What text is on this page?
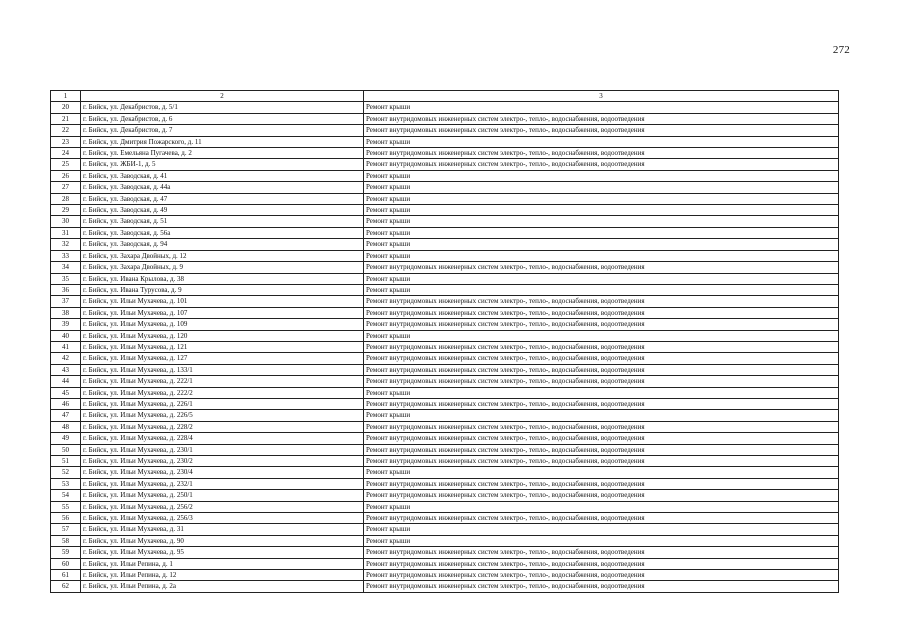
272
1	2	3
20	г. Бийск, ул. Декабристов, д. 5/1	Ремонт крыши
21	г. Бийск, ул. Декабристов, д. 6	Ремонт внутридомовых инженерных систем электро-, тепло-, водоснабжения, водоотведения
22	г. Бийск, ул. Декабристов, д. 7	Ремонт внутридомовых инженерных систем электро-, тепло-, водоснабжения, водоотведения
23	г. Бийск, ул. Дмитрия Пожарского, д. 11	Ремонт крыши
24	г. Бийск, ул. Емельяна Пугачева, д. 2	Ремонт внутридомовых инженерных систем электро-, тепло-, водоснабжения, водоотведения
25	г. Бийск, ул. ЖБИ-1, д. 5	Ремонт внутридомовых инженерных систем электро-, тепло-, водоснабжения, водоотведения
26	г. Бийск, ул. Заводская, д. 41	Ремонт крыши
27	г. Бийск, ул. Заводская, д. 44а	Ремонт крыши
28	г. Бийск, ул. Заводская, д. 47	Ремонт крыши
29	г. Бийск, ул. Заводская, д. 49	Ремонт крыши
30	г. Бийск, ул. Заводская, д. 51	Ремонт крыши
31	г. Бийск, ул. Заводская, д. 56а	Ремонт крыши
32	г. Бийск, ул. Заводская, д. 94	Ремонт крыши
33	г. Бийск, ул. Захара Двойных, д. 12	Ремонт крыши
34	г. Бийск, ул. Захара Двойных, д. 9	Ремонт внутридомовых инженерных систем электро-, тепло-, водоснабжения, водоотведения
35	г. Бийск, ул. Ивана Крылова, д. 38	Ремонт крыши
36	г. Бийск, ул. Ивана Турусова, д. 9	Ремонт крыши
37	г. Бийск, ул. Ильи Мухачева, д. 101	Ремонт внутридомовых инженерных систем электро-, тепло-, водоснабжения, водоотведения
38	г. Бийск, ул. Ильи Мухачева, д. 107	Ремонт внутридомовых инженерных систем электро-, тепло-, водоснабжения, водоотведения
39	г. Бийск, ул. Ильи Мухачева, д. 109	Ремонт внутридомовых инженерных систем электро-, тепло-, водоснабжения, водоотведения
40	г. Бийск, ул. Ильи Мухачева, д. 120	Ремонт крыши
41	г. Бийск, ул. Ильи Мухачева, д. 121	Ремонт внутридомовых инженерных систем электро-, тепло-, водоснабжения, водоотведения
42	г. Бийск, ул. Ильи Мухачева, д. 127	Ремонт внутридомовых инженерных систем электро-, тепло-, водоснабжения, водоотведения
43	г. Бийск, ул. Ильи Мухачева, д. 133/1	Ремонт внутридомовых инженерных систем электро-, тепло-, водоснабжения, водоотведения
44	г. Бийск, ул. Ильи Мухачева, д. 222/1	Ремонт внутридомовых инженерных систем электро-, тепло-, водоснабжения, водоотведения
45	г. Бийск, ул. Ильи Мухачева, д. 222/2	Ремонт крыши
46	г. Бийск, ул. Ильи Мухачева, д. 226/1	Ремонт внутридомовых инженерных систем электро-, тепло-, водоснабжения, водоотведения
47	г. Бийск, ул. Ильи Мухачева, д. 226/5	Ремонт крыши
48	г. Бийск, ул. Ильи Мухачева, д. 228/2	Ремонт внутридомовых инженерных систем электро-, тепло-, водоснабжения, водоотведения
49	г. Бийск, ул. Ильи Мухачева, д. 228/4	Ремонт внутридомовых инженерных систем электро-, тепло-, водоснабжения, водоотведения
50	г. Бийск, ул. Ильи Мухачева, д. 230/1	Ремонт внутридомовых инженерных систем электро-, тепло-, водоснабжения, водоотведения
51	г. Бийск, ул. Ильи Мухачева, д. 230/2	Ремонт внутридомовых инженерных систем электро-, тепло-, водоснабжения, водоотведения
52	г. Бийск, ул. Ильи Мухачева, д. 230/4	Ремонт крыши
53	г. Бийск, ул. Ильи Мухачева, д. 232/1	Ремонт внутридомовых инженерных систем электро-, тепло-, водоснабжения, водоотведения
54	г. Бийск, ул. Ильи Мухачева, д. 250/1	Ремонт внутридомовых инженерных систем электро-, тепло-, водоснабжения, водоотведения
55	г. Бийск, ул. Ильи Мухачева, д. 256/2	Ремонт крыши
56	г. Бийск, ул. Ильи Мухачева, д. 256/3	Ремонт внутридомовых инженерных систем электро-, тепло-, водоснабжения, водоотведения
57	г. Бийск, ул. Ильи Мухачева, д. 31	Ремонт крыши
58	г. Бийск, ул. Ильи Мухачева, д. 90	Ремонт крыши
59	г. Бийск, ул. Ильи Мухачева, д. 95	Ремонт внутридомовых инженерных систем электро-, тепло-, водоснабжения, водоотведения
60	г. Бийск, ул. Ильи Репина, д. 1	Ремонт внутридомовых инженерных систем электро-, тепло-, водоснабжения, водоотведения
61	г. Бийск, ул. Ильи Репина, д. 12	Ремонт внутридомовых инженерных систем электро-, тепло-, водоснабжения, водоотведения
62	г. Бийск, ул. Ильи Репина, д. 2а	Ремонт внутридомовых инженерных систем электро-, тепло-, водоснабжения, водоотведения
